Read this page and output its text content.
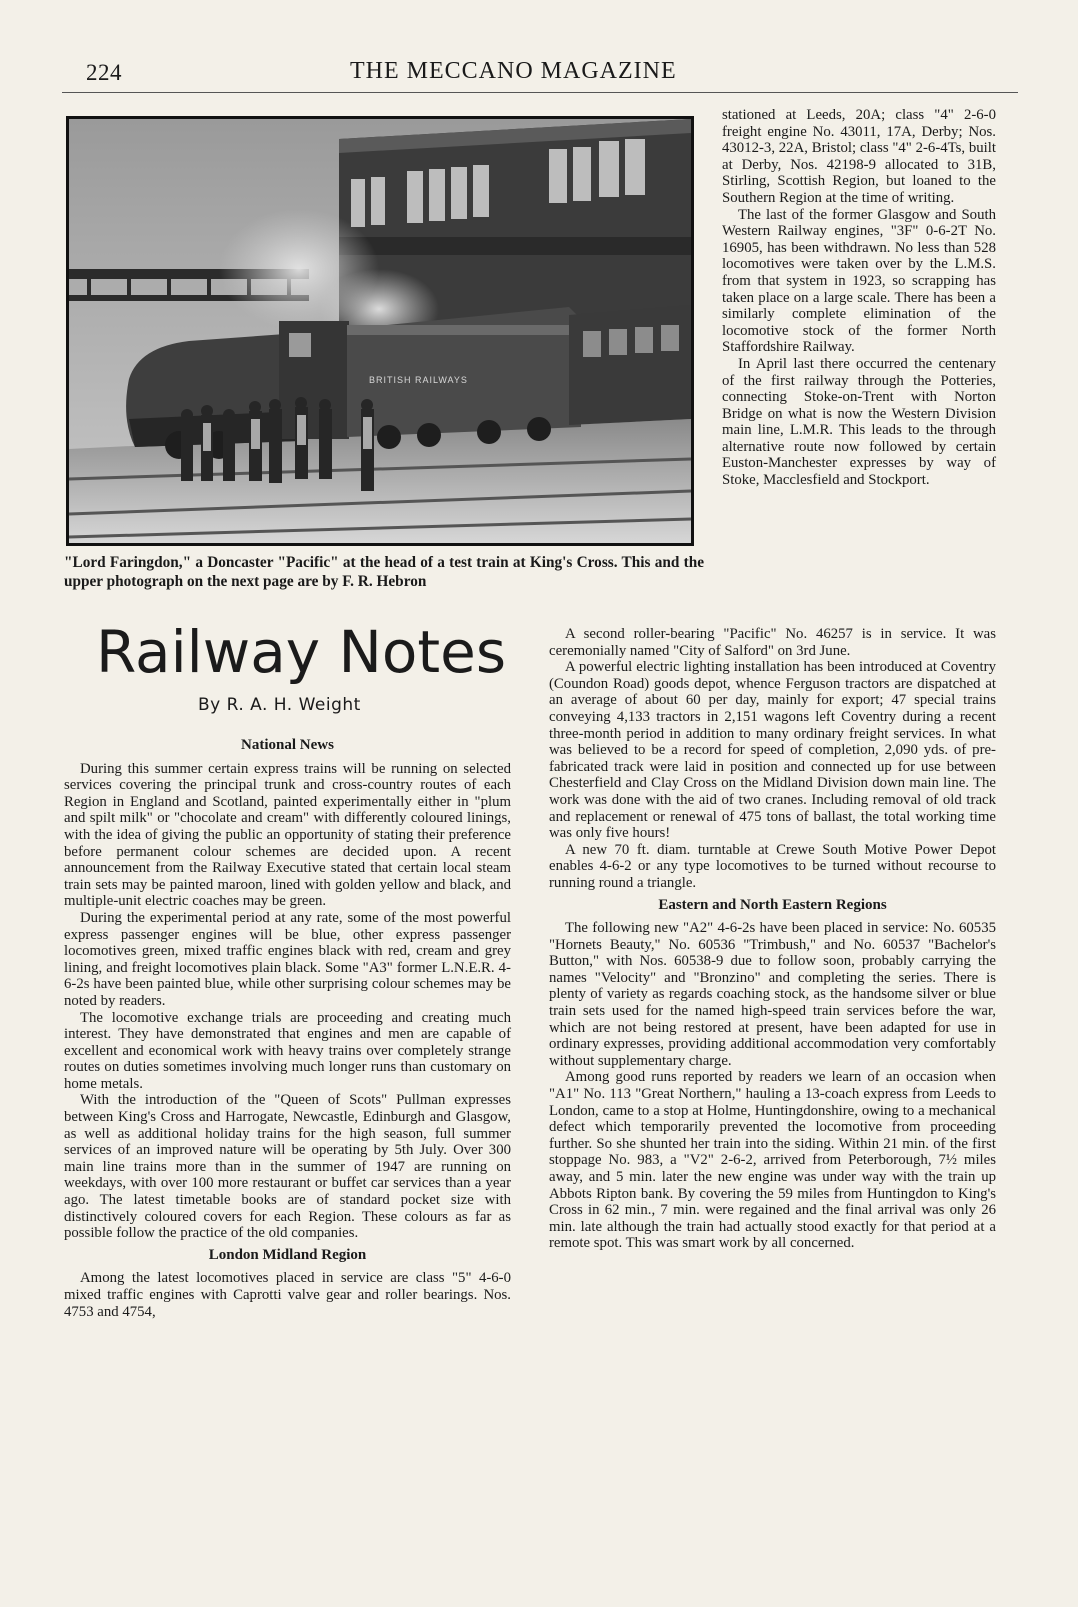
224	THE MECCANO MAGAZINE
BRITISH RAILWAYS
"Lord Faringdon," a Doncaster "Pacific" at the head of a test train at King's Cross. This and the upper photograph on the next page are by F. R. Hebron
Railway Notes
By R. A. H. Weight
National News

During this summer certain express trains will be running on selected services covering the principal trunk and cross-country routes of each Region in England and Scotland, painted experimentally either in "plum and spilt milk" or "chocolate and cream" with differently coloured linings, with the idea of giving the public an opportunity of stating their preference before permanent colour schemes are decided upon. A recent announcement from the Railway Executive stated that certain local steam train sets may be painted maroon, lined with golden yellow and black, and multiple-unit electric coaches may be green.

During the experimental period at any rate, some of the most powerful express passenger engines will be blue, other express passenger locomotives green, mixed traffic engines black with red, cream and grey lining, and freight locomotives plain black. Some "A3" former L.N.E.R. 4-6-2s have been painted blue, while other surprising colour schemes may be noted by readers.

The locomotive exchange trials are proceeding and creating much interest. They have demonstrated that engines and men are capable of excellent and economical work with heavy trains over completely strange routes on duties sometimes involving much longer runs than customary on home metals.

With the introduction of the "Queen of Scots" Pullman expresses between King's Cross and Harrogate, Newcastle, Edinburgh and Glasgow, as well as additional holiday trains for the high season, full summer services of an improved nature will be operating by 5th July. Over 300 main line trains more than in the summer of 1947 are running on weekdays, with over 100 more restaurant or buffet car services than a year ago. The latest timetable books are of standard pocket size with distinctively coloured covers for each Region. These colours as far as possible follow the practice of the old companies.

London Midland Region

Among the latest locomotives placed in service are class "5" 4-6-0 mixed traffic engines with Caprotti valve gear and roller bearings. Nos. 4753 and 4754,

stationed at Leeds, 20A; class "4" 2-6-0 freight engine No. 43011, 17A, Derby; Nos. 43012-3, 22A, Bristol; class "4" 2-6-4Ts, built at Derby, Nos. 42198-9 allocated to 31B, Stirling, Scottish Region, but loaned to the Southern Region at the time of writing.

The last of the former Glasgow and South Western Railway engines, "3F" 0-6-2T No. 16905, has been withdrawn. No less than 528 locomotives were taken over by the L.M.S. from that system in 1923, so scrapping has taken place on a large scale. There has been a similarly complete elimination of the locomotive stock of the former North Staffordshire Railway.

In April last there occurred the centenary of the first railway through the Potteries, connecting Stoke-on-Trent with Norton Bridge on what is now the Western Division main line, L.M.R. This leads to the through alternative route now followed by certain Euston-Manchester expresses by way of Stoke, Macclesfield and Stockport.

A second roller-bearing "Pacific" No. 46257 is in service. It was ceremonially named "City of Salford" on 3rd June.

A powerful electric lighting installation has been introduced at Coventry (Coundon Road) goods depot, whence Ferguson tractors are dispatched at an average of about 60 per day, mainly for export; 47 special trains conveying 4,133 tractors in 2,151 wagons left Coventry during a recent three-month period in addition to many ordinary freight services. In what was believed to be a record for speed of completion, 2,090 yds. of pre-fabricated track were laid in position and connected up for use between Chesterfield and Clay Cross on the Midland Division down main line. The work was done with the aid of two cranes. Including removal of old track and replacement or renewal of 475 tons of ballast, the total working time was only five hours!

A new 70 ft. diam. turntable at Crewe South Motive Power Depot enables 4-6-2 or any type locomotives to be turned without recourse to running round a triangle.

Eastern and North Eastern Regions

The following new "A2" 4-6-2s have been placed in service: No. 60535 "Hornets Beauty," No. 60536 "Trimbush," and No. 60537 "Bachelor's Button," with Nos. 60538-9 due to follow soon, probably carrying the names "Velocity" and "Bronzino" and completing the series. There is plenty of variety as regards coaching stock, as the handsome silver or blue train sets used for the named high-speed train services before the war, which are not being restored at present, have been adapted for use in ordinary expresses, providing additional accommodation very comfortably without supplementary charge.

Among good runs reported by readers we learn of an occasion when "A1" No. 113 "Great Northern," hauling a 13-coach express from Leeds to London, came to a stop at Holme, Huntingdonshire, owing to a mechanical defect which temporarily prevented the locomotive from proceeding further. So she shunted her train into the siding. Within 21 min. of the first stoppage No. 983, a "V2" 2-6-2, arrived from Peterborough, 7½ miles away, and 5 min. later the new engine was under way with the train up Abbots Ripton bank. By covering the 59 miles from Huntingdon to King's Cross in 62 min., 7 min. were regained and the final arrival was only 26 min. late although the train had actually stood exactly for that period at a remote spot. This was smart work by all concerned.
